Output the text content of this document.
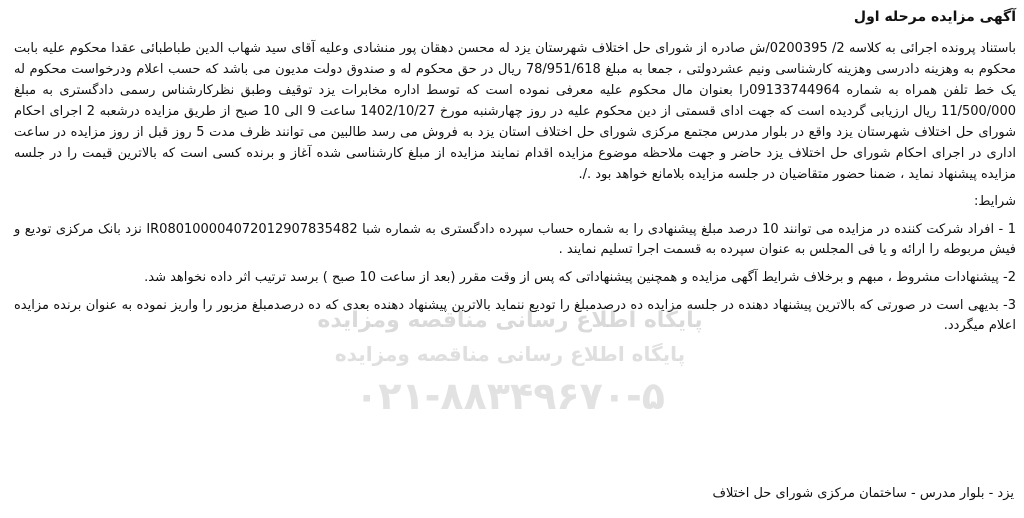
آگهی مزایده مرحله اول

باستناد پرونده اجرائی به کلاسه 2/ 0200395/ش صادره از شورای حل اختلاف شهرستان یزد له محسن دهقان پور منشادی وعلیه آقای سید شهاب الدین طباطبائی عقدا محکوم علیه بابت محکوم به وهزینه دادرسی وهزینه کارشناسی ونیم عشردولتی ، جمعا به مبلغ 78/951/618 ریال در حق محکوم له و صندوق دولت مدیون می باشد که حسب اعلام ودرخواست محکوم له یک خط تلفن همراه به شماره 09133744964را بعنوان مال محکوم علیه معرفی نموده است که توسط اداره مخابرات یزد توقیف وطبق نظرکارشناس رسمی دادگستری به مبلغ 11/500/000 ریال ارزیابی گردیده است که جهت ادای قسمتی از دین محکوم علیه در روز چهارشنبه مورخ 1402/10/27 ساعت 9 الی 10 صبح از طریق مزایده درشعبه 2 اجرای احکام شورای حل اختلاف شهرستان یزد واقع در بلوار مدرس مجتمع مرکزی شورای حل اختلاف استان یزد به فروش می رسد طالبین می توانند ظرف مدت 5 روز قبل از روز مزایده در ساعت اداری در اجرای احکام شورای حل اختلاف یزد حاضر و جهت ملاحظه موضوع مزایده اقدام نمایند مزایده از مبلغ کارشناسی شده آغاز و برنده کسی است که بالاترین قیمت را در جلسه مزایده پیشنهاد نماید ، ضمنا حضور متقاضیان در جلسه مزایده بلامانع خواهد بود ./.

شرایط:

1 - افراد شرکت کننده در مزایده می توانند 10 درصد مبلغ پیشنهادی را به شماره حساب سپرده دادگستری به شماره شبا IR080100004072012907835482 نزد بانک مرکزی تودیع و فیش مربوطه را ارائه و یا فی المجلس به عنوان سپرده به قسمت اجرا تسلیم نمایند .

2- پیشنهادات مشروط ، مبهم و برخلاف شرایط آگهی مزایده و همچنین پیشنهاداتی که پس از وقت مقرر (بعد از ساعت 10 صبح ) برسد ترتیب اثر داده نخواهد شد.

3- بدیهی است در صورتی که بالاترین پیشنهاد دهنده در جلسه مزایده ده درصدمبلغ را تودیع ننماید بالاترین پیشنهاد دهنده بعدی که ده درصدمبلغ مزبور را واریز نموده به عنوان برنده مزایده اعلام میگردد.

یزد - بلوار مدرس - ساختمان مرکزی شورای حل اختلاف
پایگاه اطلاع رسانی مناقصه ومزایده
پایگاه اطلاع رسانی مناقصه ومزایده
۰۲۱-۸۸۳۴۹۶۷۰-۵
